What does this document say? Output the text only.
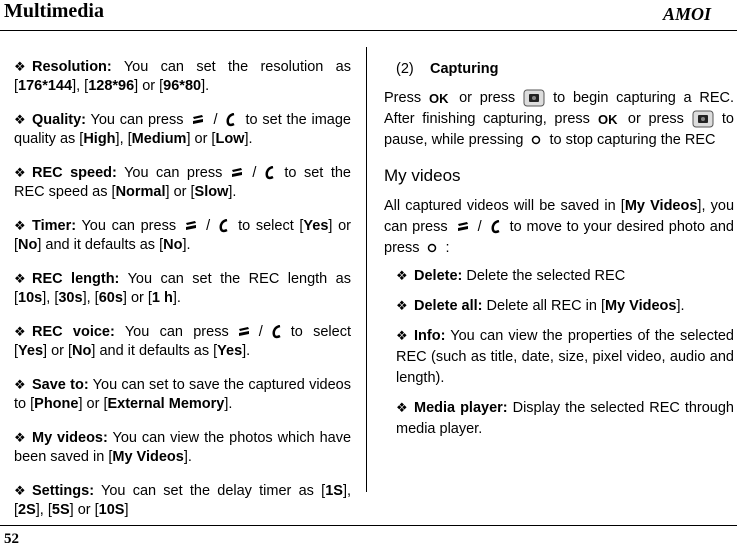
Multimedia	AMOI
❖ Resolution: You can set the resolution as [176*144], [128*96] or [96*80].
❖ Quality: You can press / to set the image quality as [High], [Medium] or [Low].
❖ REC speed: You can press / to set the REC speed as [Normal] or [Slow].
❖ Timer: You can press / to select [Yes] or [No] and it defaults as [No].
❖ REC length: You can set the REC length as [10s], [30s], [60s] or [1 h].
❖ REC voice: You can press / to select [Yes] or [No] and it defaults as [Yes].
❖ Save to: You can set to save the captured videos to [Phone] or [External Memory].
❖ My videos: You can view the photos which have been saved in [My Videos].
❖ Settings: You can set the delay timer as [1S], [2S], [5S] or [10S]
(2) Capturing
Press OK or press	to begin capturing a REC. After finishing capturing, press OK or press	to pause, while pressing to stop capturing the REC
My videos
All captured videos will be saved in [My Videos], you can press / to move to your desired photo and press :
❖ Delete: Delete the selected REC
❖ Delete all: Delete all REC in [My Videos].
❖ Info: You can view the properties of the selected REC (such as title, date, size, pixel video, audio and length).
❖ Media player: Display the selected REC through media player.
52
